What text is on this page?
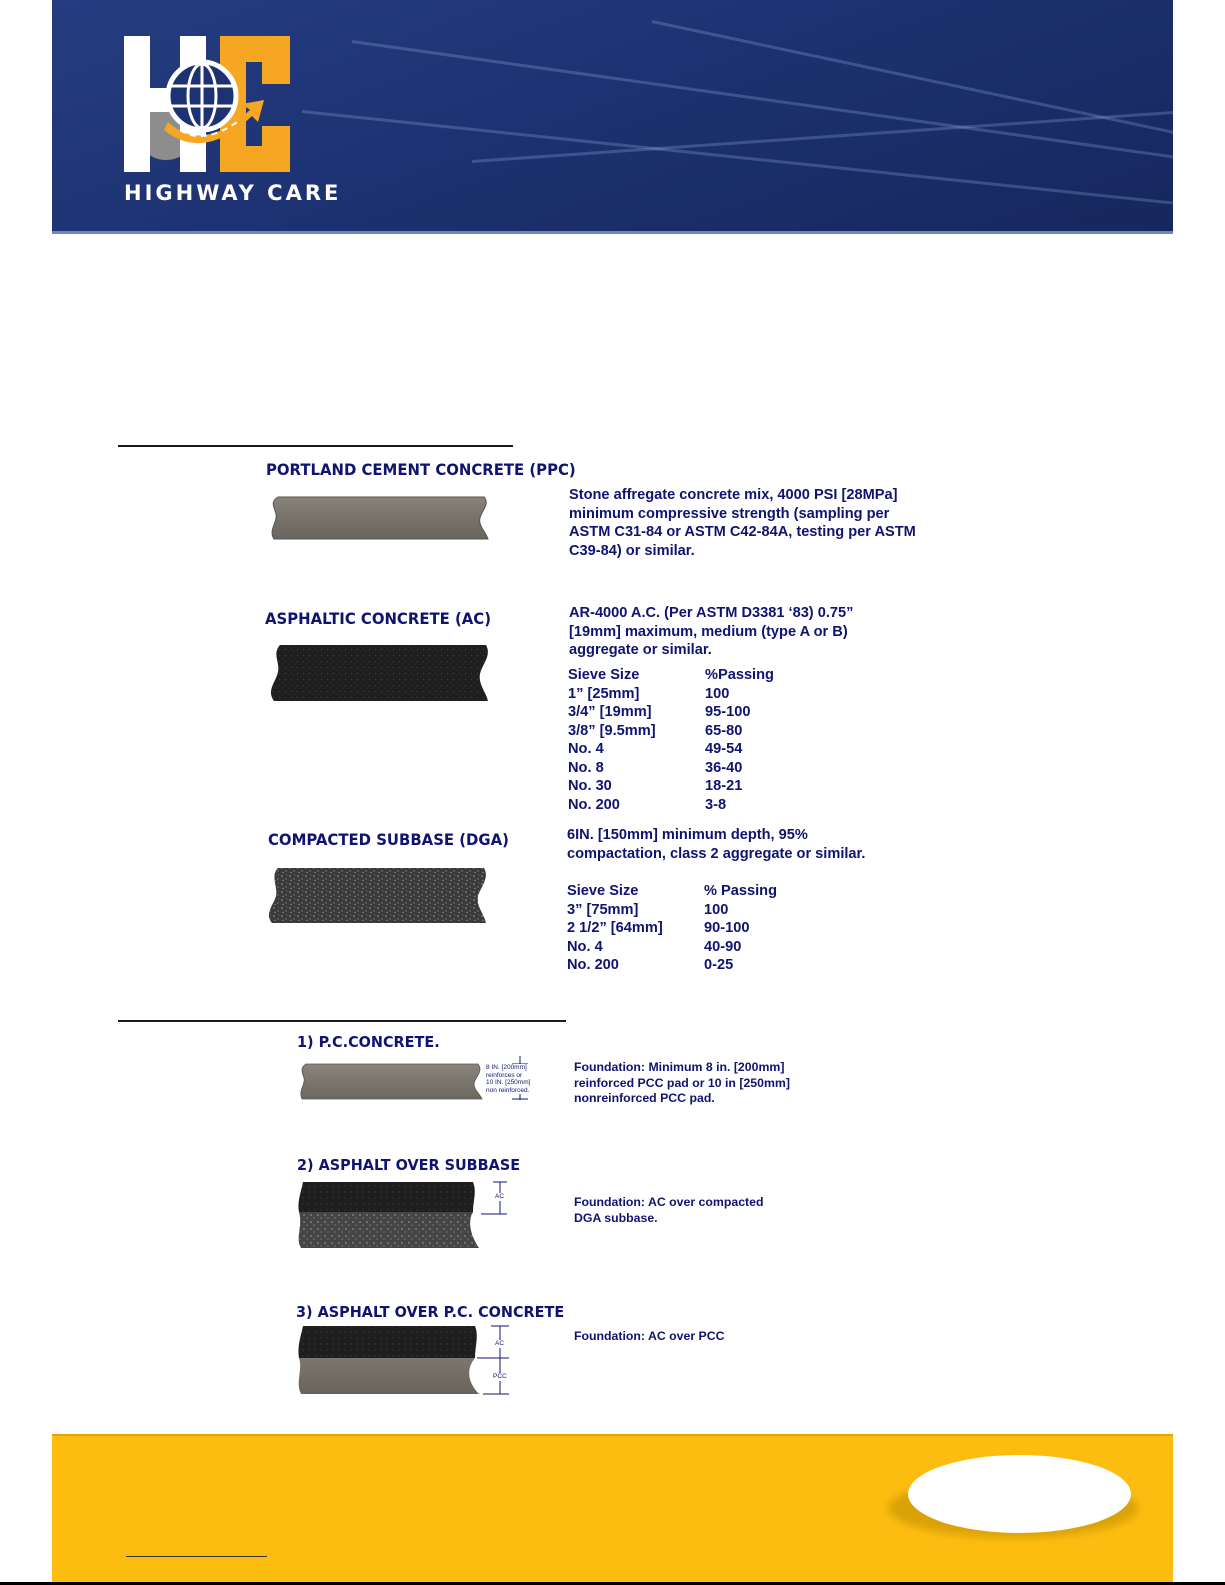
HIGHWAY CARE
PORTLAND CEMENT CONCRETE (PPC)
Stone affregate concrete mix, 4000 PSI [28MPa]
minimum compressive strength (sampling per
ASTM C31-84 or ASTM C42-84A, testing per ASTM
C39-84) or similar.
ASPHALTIC CONCRETE (AC)	AR-4000 A.C. (Per ASTM D3381 ‘83) 0.75”
[19mm] maximum, medium (type A or B)
aggregate or similar.
Sieve Size	%Passing
1” [25mm]	100
3/4” [19mm]	95-100
3/8” [9.5mm]	65-80
No. 4	49-54
No. 8	36-40
No. 30	18-21
No. 200	3-8
COMPACTED SUBBASE (DGA)	6IN. [150mm] minimum depth, 95%
compactation, class 2 aggregate or similar.
Sieve Size	% Passing
3” [75mm]	100
2 1/2” [64mm]	90-100
No. 4	40-90
No. 200	0-25
1) P.C.CONCRETE.
8 IN. [200mm]
reinforces or
10 IN. [250mm]
non reinforced.
Foundation: Minimum 8 in. [200mm]
reinforced PCC pad or 10 in [250mm]
nonreinforced PCC pad.
2) ASPHALT OVER SUBBASE
AC	Foundation: AC over compacted
DGA subbase.
3) ASPHALT OVER P.C. CONCRETE
AC
PCC
Foundation: AC over PCC
